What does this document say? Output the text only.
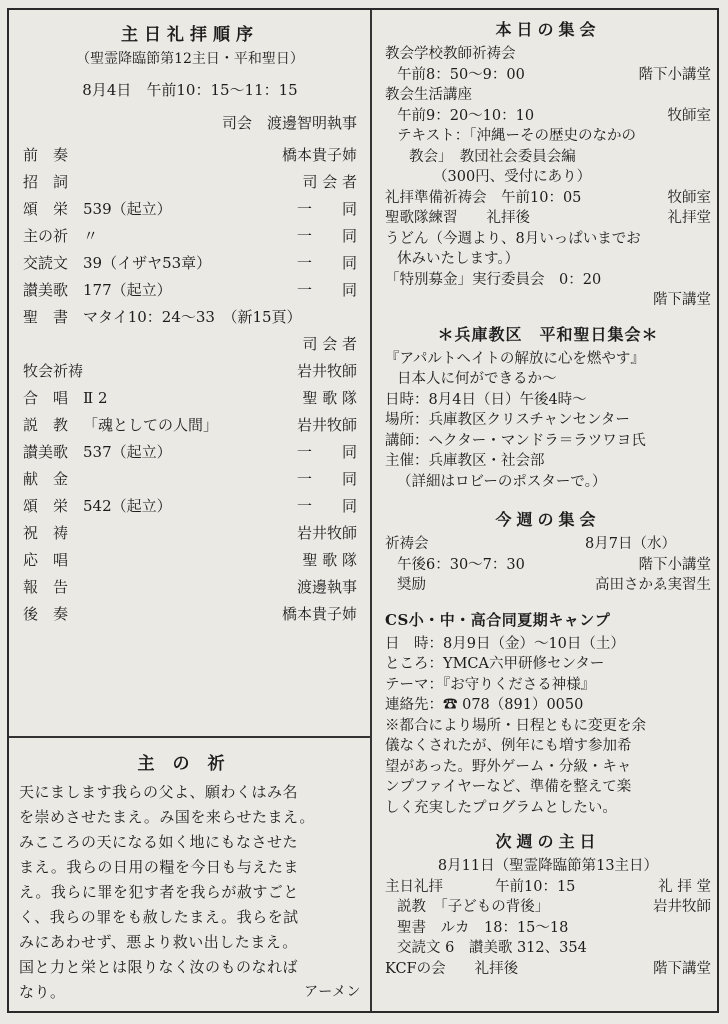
主日礼拝順序
（聖霊降臨節第12主日・平和聖日）
8月4日　午前10：15～11：15
司会　渡邊智明執事
前　奏	橋本貴子姉
招　詞	司 会 者
頌　栄 539（起立）	一　　同
主の祈 〃	一　　同
交読文 39（イザヤ53章）	一　　同
讃美歌 177（起立）	一　　同
聖　書 マタイ10：24～33　（新15頁）
司 会 者
牧会祈祷	岩井牧師
合　唱 Ⅱ 2	聖 歌 隊
説　教 「魂としての人間」	岩井牧師
讃美歌 537（起立）	一　　同
献　金	一　　同
頌　栄 542（起立）	一　　同
祝　祷	岩井牧師
応　唱	聖 歌 隊
報　告	渡邊執事
後　奏	橋本貴子姉
主の祈
天にまします我らの父よ、願わくはみ名
を崇めさせたまえ。み国を来らせたまえ。
みこころの天になる如く地にもなさせた
まえ。我らの日用の糧を今日も与えたま
え。我らに罪を犯す者を我らが赦すごと
く、我らの罪をも赦したまえ。我らを試
みにあわせず、悪より救い出したまえ。
国と力と栄とは限りなく汝のものなれば
なり。	アーメン
本日の集会
教会学校教師祈祷会
午前8：50～9：00	階下小講堂
教会生活講座
午前9：20～10：10	牧師室
テキスト：「沖縄ーその歴史のなかの
教会」　教団社会委員会編
（300円、受付にあり）
礼拝準備祈祷会　午前10：05	牧師室
聖歌隊練習　　礼拝後	礼拝堂
うどん（今週より、8月いっぱいまでお
休みいたします。）
「特別募金」実行委員会　0：20
階下講堂
＊兵庫教区　平和聖日集会＊
『アパルトヘイトの解放に心を燃やす』
日本人に何ができるか～
日時：8月4日（日）午後4時～
場所：兵庫教区クリスチャンセンター
講師：ヘクター・マンドラ＝ラツワヨ氏
主催：兵庫教区・社会部
（詳細はロビーのポスターで。）
今週の集会
祈祷会	8月7日（水）
午後6：30～7：30	階下小講堂
奨励	高田さかゑ実習生
CS小・中・高合同夏期キャンプ
日　時：8月9日（金）～10日（土）
ところ：YMCA六甲研修センター
テーマ：『お守りくださる神様』
連絡先：☎ 078（891）0050
※都合により場所・日程ともに変更を余
儀なくされたが、例年にも増す参加希
望があった。野外ゲーム・分級・キャ
ンプファイヤーなど、準備を整えて楽
しく充実したプログラムとしたい。
次週の主日
8月11日（聖霊降臨節第13主日）
主日礼拝	午前10：15	礼 拝 堂
説教　「子どもの背後」	岩井牧師
聖書　ルカ　18：15～18
交読文 6　讃美歌 312、354
KCFの会　　礼拝後	階下講堂
